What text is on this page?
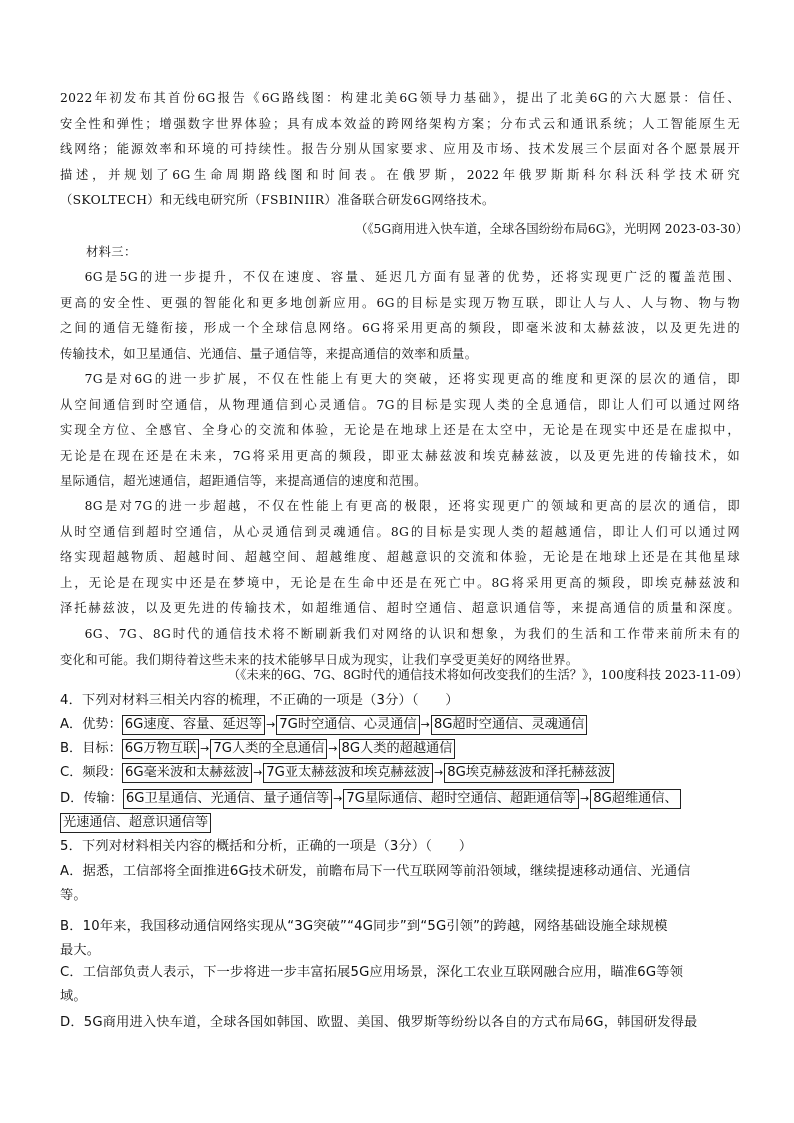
2022年初发布其首份6G报告《6G路线图：构建北美6G领导力基础》，提出了北美6G的六大愿景：信任、
安全性和弹性；增强数字世界体验；具有成本效益的跨网络架构方案；分布式云和通讯系统；人工智能原生无
线网络；能源效率和环境的可持续性。报告分别从国家要求、应用及市场、技术发展三个层面对各个愿景展开
描述，并规划了6G生命周期路线图和时间表。在俄罗斯，2022年俄罗斯斯科尔科沃科学技术研究
（SKOLTECH）和无线电研究所（FSBINIIR）准备联合研发6G网络技术。
（《5G商用进入快车道，全球各国纷纷布局6G》，光明网 2023-03-30）
材料三：
6G是5G的进一步提升，不仅在速度、容量、延迟几方面有显著的优势，还将实现更广泛的覆盖范围、
更高的安全性、更强的智能化和更多地创新应用。6G的目标是实现万物互联，即让人与人、人与物、物与物
之间的通信无缝衔接，形成一个全球信息网络。6G将采用更高的频段，即毫米波和太赫兹波，以及更先进的
传输技术，如卫星通信、光通信、量子通信等，来提高通信的效率和质量。
7G是对6G的进一步扩展，不仅在性能上有更大的突破，还将实现更高的维度和更深的层次的通信，即
从空间通信到时空通信，从物理通信到心灵通信。7G的目标是实现人类的全息通信，即让人们可以通过网络
实现全方位、全感官、全身心的交流和体验，无论是在地球上还是在太空中，无论是在现实中还是在虚拟中，
无论是在现在还是在未来，7G将采用更高的频段，即亚太赫兹波和埃克赫兹波，以及更先进的传输技术，如
星际通信，超光速通信，超距通信等，来提高通信的速度和范围。
8G是对7G的进一步超越，不仅在性能上有更高的极限，还将实现更广的领域和更高的层次的通信，即
从时空通信到超时空通信，从心灵通信到灵魂通信。8G的目标是实现人类的超越通信，即让人们可以通过网
络实现超越物质、超越时间、超越空间、超越维度、超越意识的交流和体验，无论是在地球上还是在其他星球
上，无论是在现实中还是在梦境中，无论是在生命中还是在死亡中。8G将采用更高的频段，即埃克赫兹波和
泽托赫兹波，以及更先进的传输技术，如超维通信、超时空通信、超意识通信等，来提高通信的质量和深度。
6G、7G、8G时代的通信技术将不断刷新我们对网络的认识和想象，为我们的生活和工作带来前所未有的
变化和可能。我们期待着这些未来的技术能够早日成为现实，让我们享受更美好的网络世界。
（《未来的6G、7G、8G时代的通信技术将如何改变我们的生活？》，100度科技 2023-11-09）
4．下列对材料三相关内容的梳理，不正确的一项是（3分）（　　）
A．优势： 6G速度、容量、延迟等 → 7G时空通信、心灵通信 → 8G超时空通信、灵魂通信
B．目标： 6G万物互联 → 7G人类的全息通信 → 8G人类的超越通信
C．频段： 6G毫米波和太赫兹波 → 7G亚太赫兹波和埃克赫兹波 → 8G埃克赫兹波和泽托赫兹波
D．传输： 6G卫星通信、光通信、量子通信等 → 7G星际通信、超时空通信、超距通信等 → 8G超维通信、
光速通信、超意识通信等
5．下列对材料相关内容的概括和分析，正确的一项是（3分）（　　）
A．据悉，工信部将全面推进6G技术研发，前瞻布局下一代互联网等前沿领域，继续提速移动通信、光通信
等。
B．10年来，我国移动通信网络实现从“3G突破”“4G同步”到“5G引领”的跨越，网络基础设施全球规模
最大。
C．工信部负责人表示，下一步将进一步丰富拓展5G应用场景，深化工农业互联网融合应用，瞄准6G等领
域。
D．5G商用进入快车道，全球各国如韩国、欧盟、美国、俄罗斯等纷纷以各自的方式布局6G，韩国研发得最
